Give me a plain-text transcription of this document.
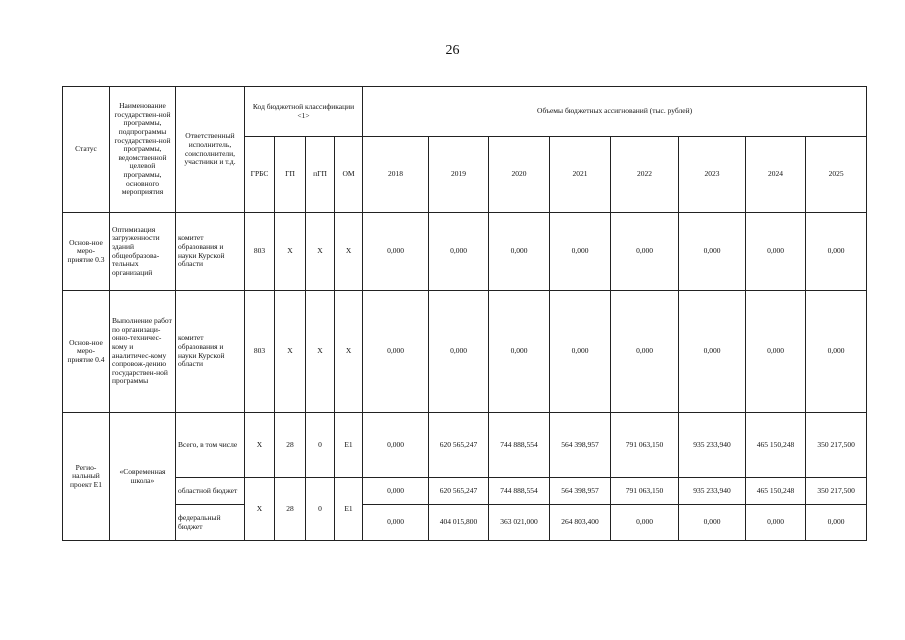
26
Статус	Наименование государствен-ной программы, подпрограммы государствен-ной программы, ведомственной целевой программы, основного мероприятия	Ответственный исполнитель, соисполнители, участники и т.д.	Код бюджетной классификации <1>				Объемы бюджетных ассигнований (тыс. рублей)							
			ГРБС	ГП	пГП	ОМ	2018	2019	2020	2021	2022	2023	2024	2025
Основ-ное меро-приятие 0.3	Оптимизация загруженности зданий общеобразова-тельных организаций	комитет образования и науки Курской области	803	Х	Х	Х	0,000	0,000	0,000	0,000	0,000	0,000	0,000	0,000
Основ-ное меро-приятие 0.4	Выполнение работ по организаци-онно-техничес-кому и аналитичес-кому сопровож-дению государствен-ной программы	комитет образования и науки Курской области	803	Х	Х	Х	0,000	0,000	0,000	0,000	0,000	0,000	0,000	0,000
Регио-нальный проект Е1	«Современная школа»	Всего, в том числе	Х	28	0	Е1	0,000	620 565,247	744 888,554	564 398,957	791 063,150	935 233,940	465 150,248	350 217,500
		областной бюджет	Х	28	0	Е1	0,000	620 565,247	744 888,554	564 398,957	791 063,150	935 233,940	465 150,248	350 217,500
		федеральный бюджет					0,000	404 015,800	363 021,000	264 803,400	0,000	0,000	0,000	0,000
